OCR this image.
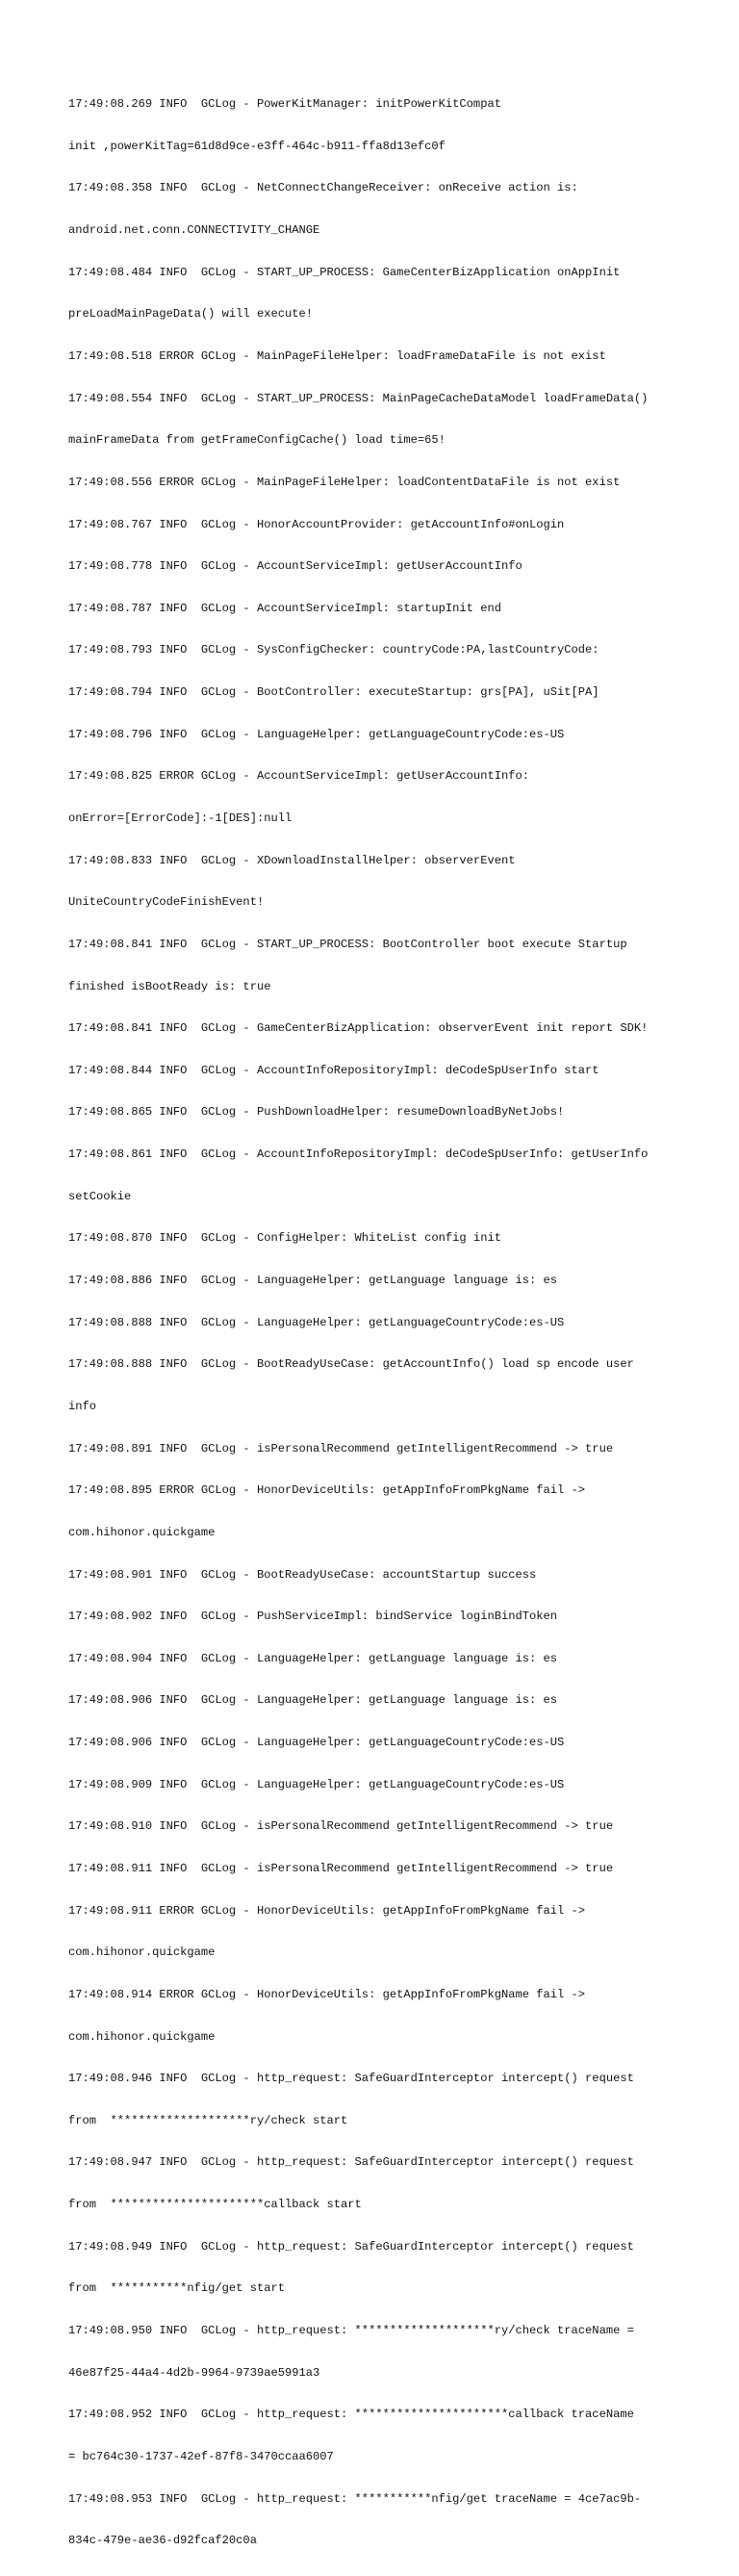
17:49:08.269 INFO  GCLog - PowerKitManager: initPowerKitCompat

init ,powerKitTag=61d8d9ce-e3ff-464c-b911-ffa8d13efc0f

17:49:08.358 INFO  GCLog - NetConnectChangeReceiver: onReceive action is:

android.net.conn.CONNECTIVITY_CHANGE

17:49:08.484 INFO  GCLog - START_UP_PROCESS: GameCenterBizApplication onAppInit

preLoadMainPageData() will execute!

17:49:08.518 ERROR GCLog - MainPageFileHelper: loadFrameDataFile is not exist

17:49:08.554 INFO  GCLog - START_UP_PROCESS: MainPageCacheDataModel loadFrameData()

mainFrameData from getFrameConfigCache() load time=65!

17:49:08.556 ERROR GCLog - MainPageFileHelper: loadContentDataFile is not exist

17:49:08.767 INFO  GCLog - HonorAccountProvider: getAccountInfo#onLogin

17:49:08.778 INFO  GCLog - AccountServiceImpl: getUserAccountInfo

17:49:08.787 INFO  GCLog - AccountServiceImpl: startupInit end

17:49:08.793 INFO  GCLog - SysConfigChecker: countryCode:PA,lastCountryCode:

17:49:08.794 INFO  GCLog - BootController: executeStartup: grs[PA], uSit[PA]

17:49:08.796 INFO  GCLog - LanguageHelper: getLanguageCountryCode:es-US

17:49:08.825 ERROR GCLog - AccountServiceImpl: getUserAccountInfo:

onError=[ErrorCode]:-1[DES]:null

17:49:08.833 INFO  GCLog - XDownloadInstallHelper: observerEvent

UniteCountryCodeFinishEvent!

17:49:08.841 INFO  GCLog - START_UP_PROCESS: BootController boot execute Startup

finished isBootReady is: true

17:49:08.841 INFO  GCLog - GameCenterBizApplication: observerEvent init report SDK!

17:49:08.844 INFO  GCLog - AccountInfoRepositoryImpl: deCodeSpUserInfo start

17:49:08.865 INFO  GCLog - PushDownloadHelper: resumeDownloadByNetJobs!

17:49:08.861 INFO  GCLog - AccountInfoRepositoryImpl: deCodeSpUserInfo: getUserInfo

setCookie

17:49:08.870 INFO  GCLog - ConfigHelper: WhiteList config init

17:49:08.886 INFO  GCLog - LanguageHelper: getLanguage language is: es

17:49:08.888 INFO  GCLog - LanguageHelper: getLanguageCountryCode:es-US

17:49:08.888 INFO  GCLog - BootReadyUseCase: getAccountInfo() load sp encode user

info

17:49:08.891 INFO  GCLog - isPersonalRecommend getIntelligentRecommend -> true

17:49:08.895 ERROR GCLog - HonorDeviceUtils: getAppInfoFromPkgName fail ->

com.hihonor.quickgame

17:49:08.901 INFO  GCLog - BootReadyUseCase: accountStartup success

17:49:08.902 INFO  GCLog - PushServiceImpl: bindService loginBindToken

17:49:08.904 INFO  GCLog - LanguageHelper: getLanguage language is: es

17:49:08.906 INFO  GCLog - LanguageHelper: getLanguage language is: es

17:49:08.906 INFO  GCLog - LanguageHelper: getLanguageCountryCode:es-US

17:49:08.909 INFO  GCLog - LanguageHelper: getLanguageCountryCode:es-US

17:49:08.910 INFO  GCLog - isPersonalRecommend getIntelligentRecommend -> true

17:49:08.911 INFO  GCLog - isPersonalRecommend getIntelligentRecommend -> true

17:49:08.911 ERROR GCLog - HonorDeviceUtils: getAppInfoFromPkgName fail ->

com.hihonor.quickgame

17:49:08.914 ERROR GCLog - HonorDeviceUtils: getAppInfoFromPkgName fail ->

com.hihonor.quickgame

17:49:08.946 INFO  GCLog - http_request: SafeGuardInterceptor intercept() request

from  ********************ry/check start

17:49:08.947 INFO  GCLog - http_request: SafeGuardInterceptor intercept() request

from  **********************callback start

17:49:08.949 INFO  GCLog - http_request: SafeGuardInterceptor intercept() request

from  ***********nfig/get start

17:49:08.950 INFO  GCLog - http_request: ********************ry/check traceName =

46e87f25-44a4-4d2b-9964-9739ae5991a3

17:49:08.952 INFO  GCLog - http_request: **********************callback traceName

= bc764c30-1737-42ef-87f8-3470ccaa6007

17:49:08.953 INFO  GCLog - http_request: ***********nfig/get traceName = 4ce7ac9b-

834c-479e-ae36-d92fcaf20c0a
